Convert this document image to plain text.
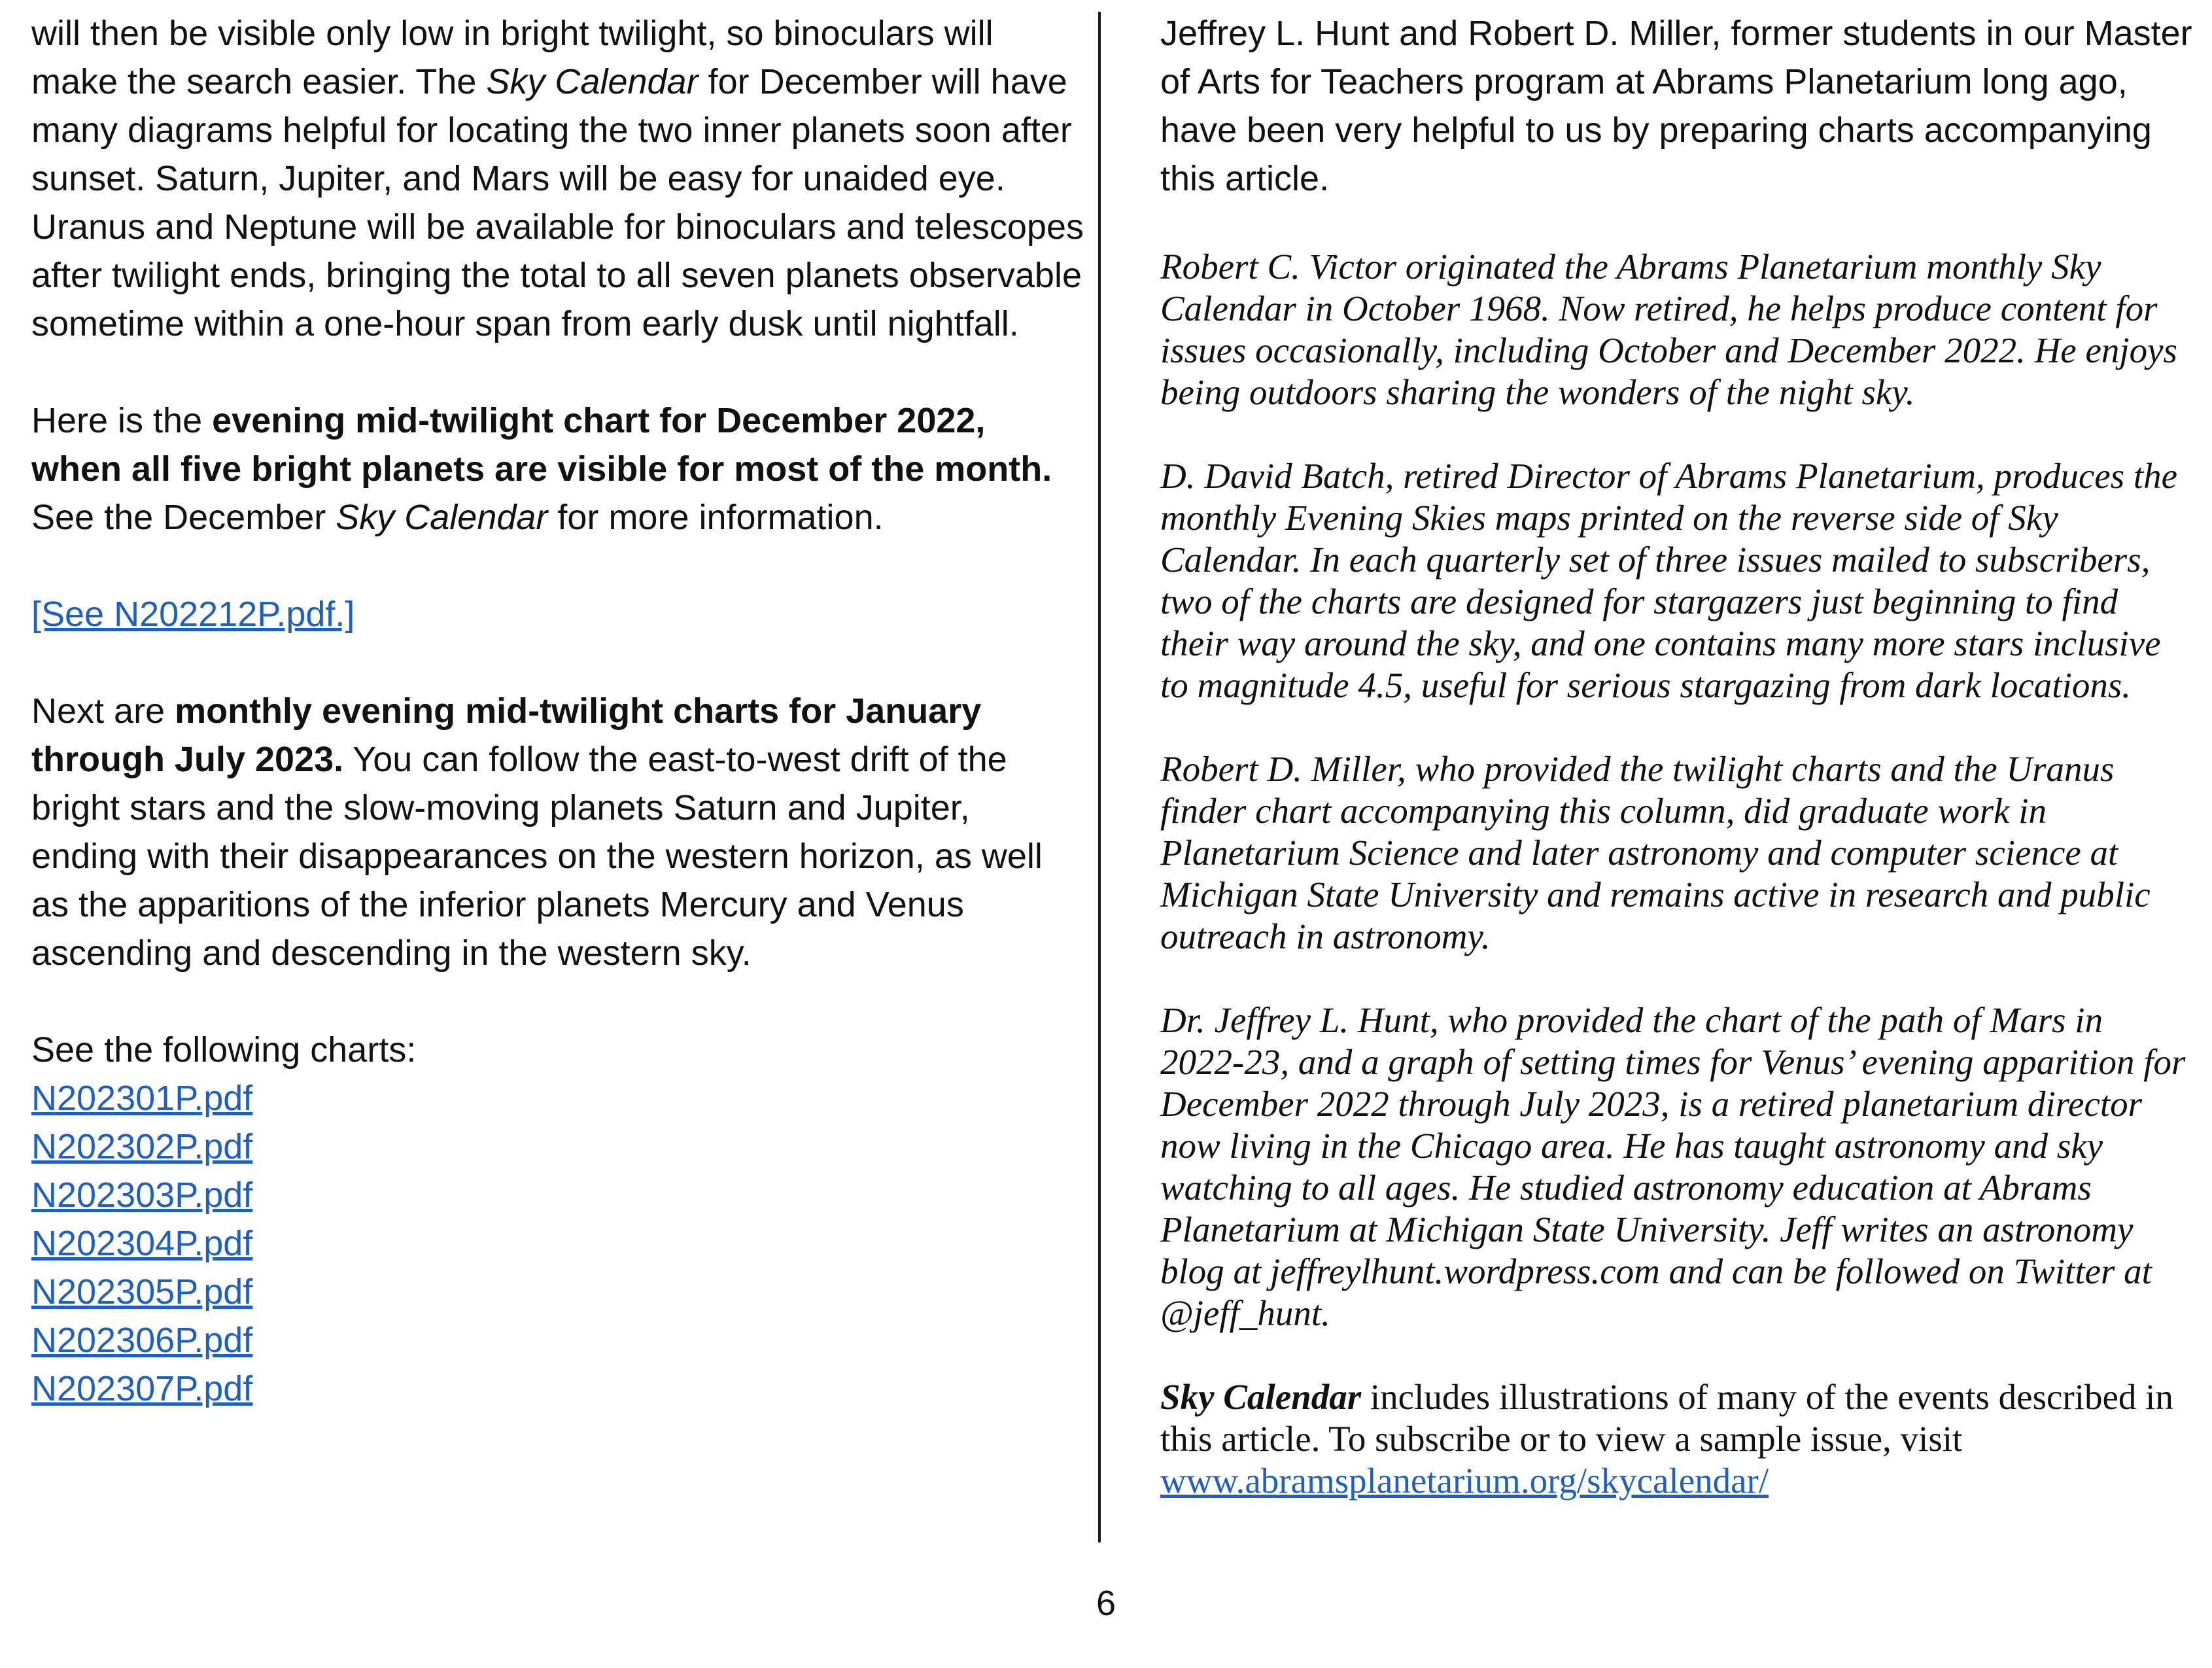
will then be visible only low in bright twilight, so binoculars will make the search easier. The Sky Calendar for December will have many diagrams helpful for locating the two inner planets soon after sunset. Saturn, Jupiter, and Mars will be easy for unaided eye. Uranus and Neptune will be available for binoculars and telescopes after twilight ends, bringing the total to all seven planets observable sometime within a one-hour span from early dusk until nightfall.

Here is the evening mid-twilight chart for December 2022, when all five bright planets are visible for most of the month. See the December Sky Calendar for more information.

[See N202212P.pdf.]

Next are monthly evening mid-twilight charts for January through July 2023. You can follow the east-to-west drift of the bright stars and the slow-moving planets Saturn and Jupiter, ending with their disappearances on the western horizon, as well as the apparitions of the inferior planets Mercury and Venus ascending and descending in the western sky.

See the following charts:

N202301P.pdf
N202302P.pdf
N202303P.pdf
N202304P.pdf
N202305P.pdf
N202306P.pdf
N202307P.pdf

Jeffrey L. Hunt and Robert D. Miller, former students in our Master of Arts for Teachers program at Abrams Planetarium long ago, have been very helpful to us by preparing charts accompanying this article.

Robert C. Victor originated the Abrams Planetarium monthly Sky Calendar in October 1968. Now retired, he helps produce content for issues occasionally, including October and December 2022. He enjoys being outdoors sharing the wonders of the night sky.

D. David Batch, retired Director of Abrams Planetarium, produces the monthly Evening Skies maps printed on the reverse side of Sky Calendar. In each quarterly set of three issues mailed to subscribers, two of the charts are designed for stargazers just beginning to find their way around the sky, and one contains many more stars inclusive to magnitude 4.5, useful for serious stargazing from dark locations.

Robert D. Miller, who provided the twilight charts and the Uranus finder chart accompanying this column, did graduate work in Planetarium Science and later astronomy and computer science at Michigan State University and remains active in research and public outreach in astronomy.

Dr. Jeffrey L. Hunt, who provided the chart of the path of Mars in 2022-23, and a graph of setting times for Venus’ evening apparition for December 2022 through July 2023, is a retired planetarium director now living in the Chicago area. He has taught astronomy and sky watching to all ages. He studied astronomy education at Abrams Planetarium at Michigan State University. Jeff writes an astronomy blog at jeffreylhunt.wordpress.com and can be followed on Twitter at @jeff_hunt.

Sky Calendar includes illustrations of many of the events described in this article. To subscribe or to view a sample issue, visit www.abramsplanetarium.org/skycalendar/

6
